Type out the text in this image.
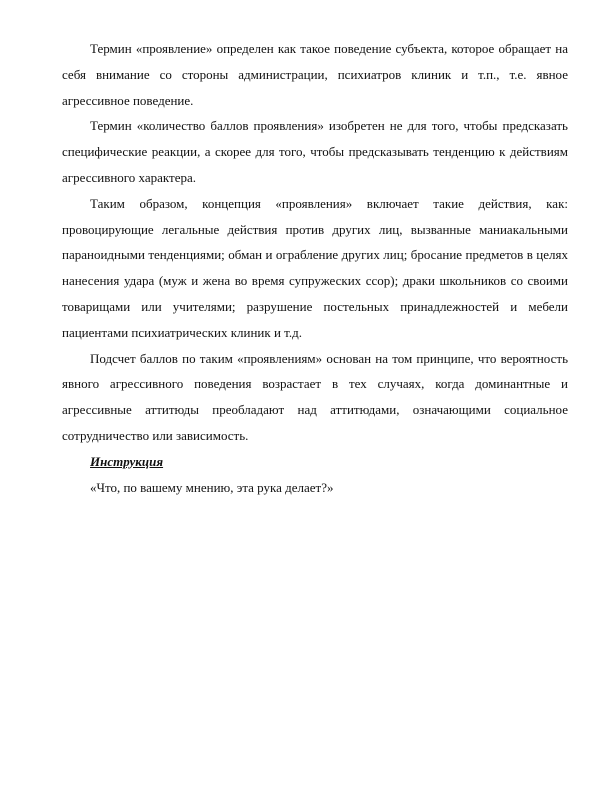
Термин «проявление» определен как такое поведение субъекта, которое обращает на себя внимание со стороны администрации, психиатров клиник и т.п., т.е. явное агрессивное поведение.

Термин «количество баллов проявления» изобретен не для того, чтобы предсказать специфические реакции, а скорее для того, чтобы предсказывать тенденцию к действиям агрессивного характера.

Таким образом, концепция «проявления» включает такие действия, как: провоцирующие легальные действия против других лиц, вызванные маниакальными параноидными тенденциями; обман и ограбление других лиц; бросание предметов в целях нанесения удара (муж и жена во время супружеских ссор); драки школьников со своими товарищами или учителями; разрушение постельных принадлежностей и мебели пациентами психиатрических клиник и т.д.

Подсчет баллов по таким «проявлениям» основан на том принципе, что вероятность явного агрессивного поведения возрастает в тех случаях, когда доминантные и агрессивные аттитюды преобладают над аттитюдами, означающими социальное сотрудничество или зависимость.

Инструкция

«Что, по вашему мнению, эта рука делает?»
